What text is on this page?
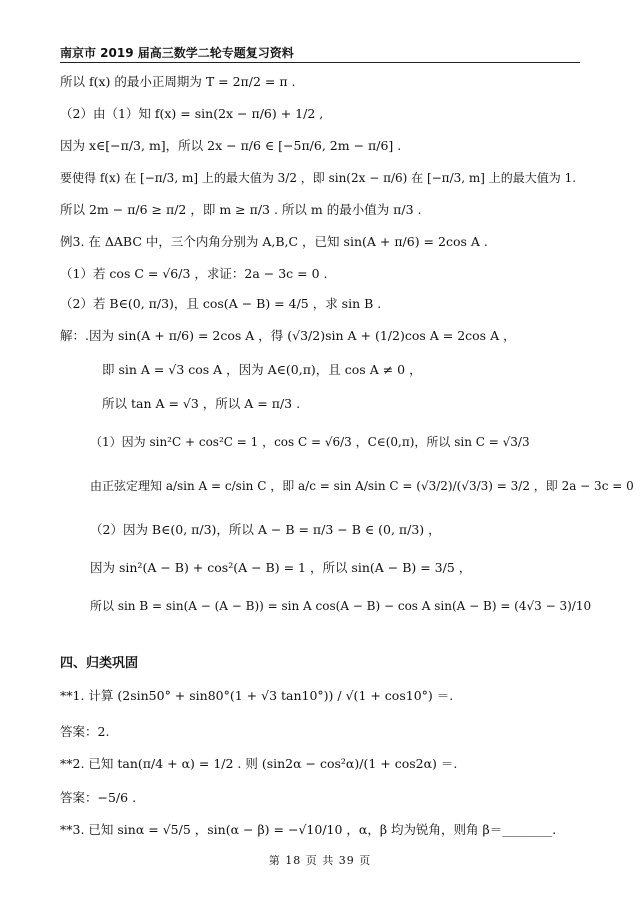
南京市 2019 届高三数学二轮专题复习资料
所以 f(x) 的最小正周期为 T = 2π/2 = π .
（2）由（1）知 f(x) = sin(2x − π/6) + 1/2 ,
因为 x∈[−π/3, m]，所以 2x − π/6 ∈ [−5π/6, 2m − π/6] .
要使得 f(x) 在 [−π/3, m] 上的最大值为 3/2 ，即 sin(2x − π/6) 在 [−π/3, m] 上的最大值为 1.
所以 2m − π/6 ≥ π/2 ，即 m ≥ π/3 . 所以 m 的最小值为 π/3 .
例3. 在 ΔABC 中，三个内角分别为 A,B,C ，已知 sin(A + π/6) = 2cos A .
（1）若 cos C = √6/3 ，求证：2a − 3c = 0 .
（2）若 B∈(0, π/3)，且 cos(A − B) = 4/5 ，求 sin B .
解：.因为 sin(A + π/6) = 2cos A ，得 (√3/2)sin A + (1/2)cos A = 2cos A ，
即 sin A = √3 cos A ，因为 A∈(0,π)，且 cos A ≠ 0 ，
所以 tan A = √3 ，所以 A = π/3 .
（1）因为 sin²C + cos²C = 1 ，cos C = √6/3 ，C∈(0,π)，所以 sin C = √3/3
由正弦定理知 a/sin A = c/sin C ，即 a/c = sin A/sin C = (√3/2)/(√3/3) = 3/2 ，即 2a − 3c = 0
（2）因为 B∈(0, π/3)，所以 A − B = π/3 − B ∈ (0, π/3) ，
因为 sin²(A − B) + cos²(A − B) = 1 ，所以 sin(A − B) = 3/5 ，
所以 sin B = sin(A − (A − B)) = sin A cos(A − B) − cos A sin(A − B) = (4√3 − 3)/10
四、归类巩固
**1. 计算 (2sin50° + sin80°(1 + √3 tan10°)) / √(1 + cos10°) ＝.
答案：2.
**2. 已知 tan(π/4 + α) = 1/2 . 则 (sin2α − cos²α)/(1 + cos2α) ＝.
答案：−5/6 .
**3. 已知 sinα = √5/5 ，sin(α − β) = −√10/10 ，α，β 均为锐角，则角 β＝________.
第 18 页 共 39 页
